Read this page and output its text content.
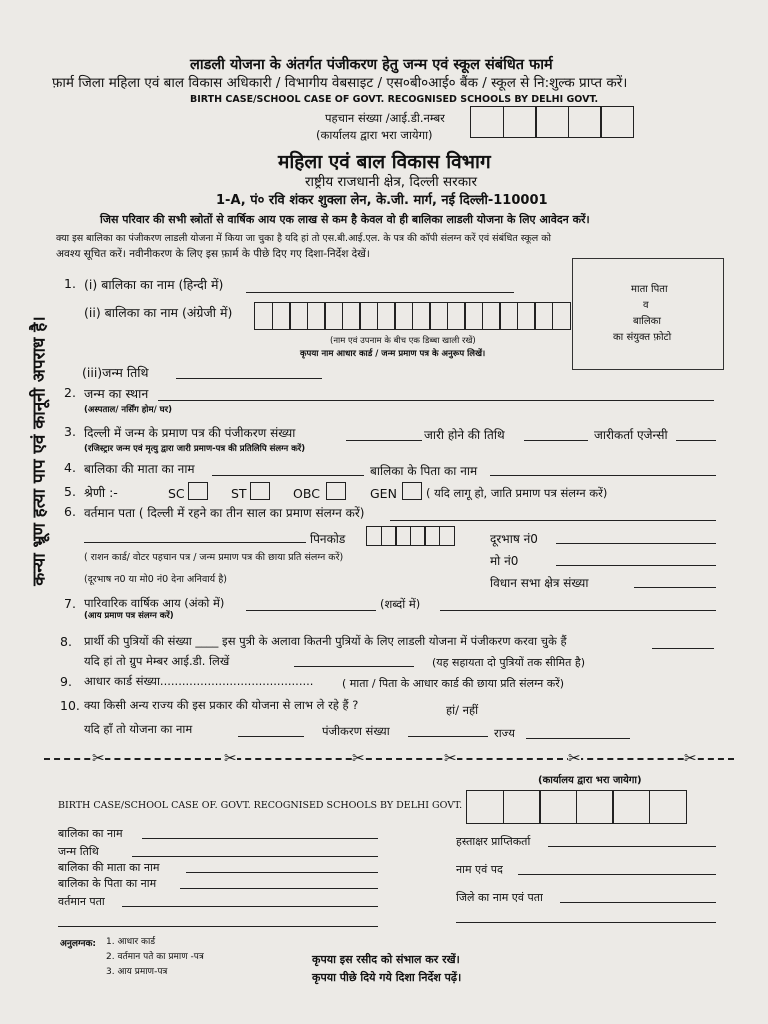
लाडली योजना के अंतर्गत पंजीकरण हेतु जन्म एवं स्कूल संबंधित फार्म
फ़ार्म जिला महिला एवं बाल विकास अधिकारी / विभागीय वेबसाइट / एस०बी०आई० बैंक / स्कूल से नि:शुल्क प्राप्त करें।
BIRTH CASE/SCHOOL CASE OF GOVT. RECOGNISED SCHOOLS BY DELHI GOVT.
पहचान संख्या /आई.डी.नम्बर
(कार्यालय द्वारा भरा जायेगा)
महिला एवं बाल विकास विभाग
राष्ट्रीय राजधानी क्षेत्र, दिल्ली सरकार
1-A, पं० रवि शंकर शुक्ला लेन, के.जी. मार्ग, नई दिल्ली-110001
जिस परिवार की सभी स्त्रोतों से वार्षिक आय एक लाख से कम है केवल वो ही बालिका लाडली योजना के लिए आवेदन करें।
क्या इस बालिका का पंजीकरण लाडली योजना में किया जा चुका है यदि हां तो एस.बी.आई.एल. के पत्र की कॉपी संलग्न करें एवं संबंधित स्कूल को
अवश्य सूचित करें। नवीनीकरण के लिए इस फ़ार्म के पीछे दिए गए दिशा-निर्देश देखें।
माता पिता
व
बालिका
का संयुक्त फ़ोटो
कन्या भ्रूण हत्या पाप एवं कानूनी अपराध है।
1. (i) बालिका का नाम (हिन्दी में)
(ii) बालिका का नाम (अंग्रेजी में)
(नाम एवं उपनाम के बीच एक डिब्बा खाली रखें)
कृपया नाम आधार कार्ड / जन्म प्रमाण पत्र के अनुरूप लिखें।
(iii)जन्म तिथि
2. जन्म का स्थान
(अस्पताल/ नर्सिंग होम/ घर)
3. दिल्ली में जन्म के प्रमाण पत्र की पंजीकरण संख्या	जारी होने की तिथि	जारीकर्ता एजेन्सी
(रजिस्ट्रार जन्म एवं मृत्यु द्वारा जारी प्रमाण-पत्र की प्रतिलिपि संलग्न करें)
4. बालिका की माता का नाम	बालिका के पिता का नाम
5. श्रेणी :-	SC	ST	OBC	GEN	( यदि लागू हो, जाति प्रमाण पत्र संलग्न करें)
6. वर्तमान पता ( दिल्ली में रहने का तीन साल का प्रमाण संलग्न करें)
पिनकोड	दूरभाष नं0
( राशन कार्ड/ वोटर पहचान पत्र / जन्म प्रमाण पत्र की छाया प्रति संलग्न करें)	मो नं0
(दूरभाष न0 या मो0 नं0 देना अनिवार्य है)	विधान सभा क्षेत्र संख्या
7. पारिवारिक वार्षिक आय (अंको में)	(शब्दों में)
(आय प्रमाण पत्र संलग्न करें)
8. प्रार्थी की पुत्रियों की संख्या ____ इस पुत्री के अलावा कितनी पुत्रियों के लिए लाडली योजना में पंजीकरण करवा चुके हैं
यदि हां तो ग्रुप मेम्बर आई.डी. लिखें	(यह सहायता दो पुत्रियों तक सीमित है)
9. आधार कार्ड संख्या..........................................	( माता / पिता के आधार कार्ड की छाया प्रति संलग्न करें)
10. क्या किसी अन्य राज्य की इस प्रकार की योजना से लाभ ले रहे हैं ?	हां/ नहीं
यदि हाँ तो योजना का नाम	पंजीकरण संख्या	राज्य
✂	✂	✂	✂	✂	✂
(कार्यालय द्वारा भरा जायेगा)
BIRTH CASE/SCHOOL CASE OF. GOVT. RECOGNISED SCHOOLS BY DELHI GOVT.
बालिका का नाम
जन्म तिथि
बालिका की माता का नाम
बालिका के पिता का नाम
वर्तमान पता
हस्ताक्षर प्राप्तिकर्ता
नाम एवं पद
जिले का नाम एवं पता
अनुलग्नक: 1. आधार कार्ड
2. वर्तमान पते का प्रमाण -पत्र
3. आय प्रमाण-पत्र
कृपया इस रसीद को संभाल कर रखें।
कृपया पीछे दिये गये दिशा निर्देश पढ़ें।
